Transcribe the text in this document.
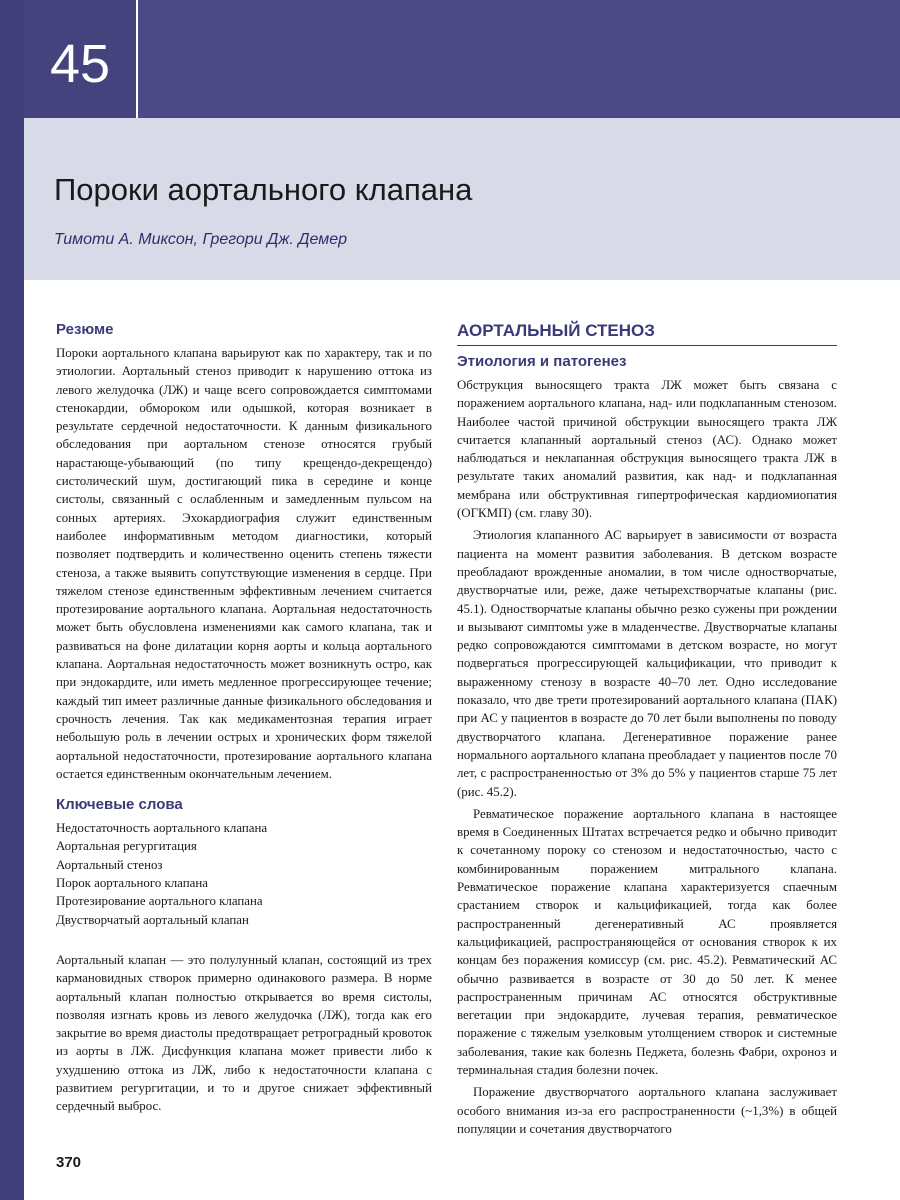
45
Пороки аортального клапана
Тимоти А. Миксон, Грегори Дж. Демер
Резюме

Пороки аортального клапана варьируют как по характеру, так и по этиологии. Аортальный стеноз приводит к нарушению оттока из левого желудочка (ЛЖ) и чаще всего сопровождается симптомами стенокардии, обмороком или одышкой, которая возникает в результате сердечной недостаточности. К данным физикального обследования при аортальном стенозе относятся грубый нарастающе-убывающий (по типу крещендо-декрещендо) систолический шум, достигающий пика в середине и конце систолы, связанный с ослабленным и замедленным пульсом на сонных артериях. Эхокардиография служит единственным наиболее информативным методом диагностики, который позволяет подтвердить и количественно оценить степень тяжести стеноза, а также выявить сопутствующие изменения в сердце. При тяжелом стенозе единственным эффективным лечением считается протезирование аортального клапана. Аортальная недостаточность может быть обусловлена изменениями как самого клапана, так и развиваться на фоне дилатации корня аорты и кольца аортального клапана. Аортальная недостаточность может возникнуть остро, как при эндокардите, или иметь медленное прогрессирующее течение; каждый тип имеет различные данные физикального обследования и срочность лечения. Так как медикаментозная терапия играет небольшую роль в лечении острых и хронических форм тяжелой аортальной недостаточности, протезирование аортального клапана остается единственным окончательным лечением.

Ключевые слова
Недостаточность аортального клапана
Аортальная регургитация
Аортальный стеноз
Порок аортального клапана
Протезирование аортального клапана
Двустворчатый аортальный клапан

Аортальный клапан — это полулунный клапан, состоящий из трех кармановидных створок примерно одинакового размера. В норме аортальный клапан полностью открывается во время систолы, позволяя изгнать кровь из левого желудочка (ЛЖ), тогда как его закрытие во время диастолы предотвращает ретроградный кровоток из аорты в ЛЖ. Дисфункция клапана может привести либо к ухудшению оттока из ЛЖ, либо к недостаточности клапана с развитием регургитации, и то и другое снижает эффективный сердечный выброс.

АОРТАЛЬНЫЙ СТЕНОЗ
Этиология и патогенез

Обструкция выносящего тракта ЛЖ может быть связана с поражением аортального клапана, над- или подклапанным стенозом. Наиболее частой причиной обструкции выносящего тракта ЛЖ считается клапанный аортальный стеноз (АС). Однако может наблюдаться и неклапанная обструкция выносящего тракта ЛЖ в результате таких аномалий развития, как над- и подклапанная мембрана или обструктивная гипертрофическая кардиомиопатия (ОГКМП) (см. главу 30).

Этиология клапанного АС варьирует в зависимости от возраста пациента на момент развития заболевания. В детском возрасте преобладают врожденные аномалии, в том числе одностворчатые, двустворчатые или, реже, даже четырехстворчатые клапаны (рис. 45.1). Одностворчатые клапаны обычно резко сужены при рождении и вызывают симптомы уже в младенчестве. Двустворчатые клапаны редко сопровождаются симптомами в детском возрасте, но могут подвергаться прогрессирующей кальцификации, что приводит к выраженному стенозу в возрасте 40–70 лет. Одно исследование показало, что две трети протезирований аортального клапана (ПАК) при АС у пациентов в возрасте до 70 лет были выполнены по поводу двустворчатого клапана. Дегенеративное поражение ранее нормального аортального клапана преобладает у пациентов после 70 лет, с распространенностью от 3% до 5% у пациентов старше 75 лет (рис. 45.2).

Ревматическое поражение аортального клапана в настоящее время в Соединенных Штатах встречается редко и обычно приводит к сочетанному пороку со стенозом и недостаточностью, часто с комбинированным поражением митрального клапана. Ревматическое поражение клапана характеризуется спаечным срастанием створок и кальцификацией, тогда как более распространенный дегенеративный АС проявляется кальцификацией, распространяющейся от основания створок к их концам без поражения комиссур (см. рис. 45.2). Ревматический АС обычно развивается в возрасте от 30 до 50 лет. К менее распространенным причинам АС относятся обструктивные вегетации при эндокардите, лучевая терапия, ревматическое поражение с тяжелым узелковым утолщением створок и системные заболевания, такие как болезнь Педжета, болезнь Фабри, охроноз и терминальная стадия болезни почек.

Поражение двустворчатого аортального клапана заслуживает особого внимания из-за его распространенности (~1,3%) в общей популяции и сочетания двустворчатого

370
